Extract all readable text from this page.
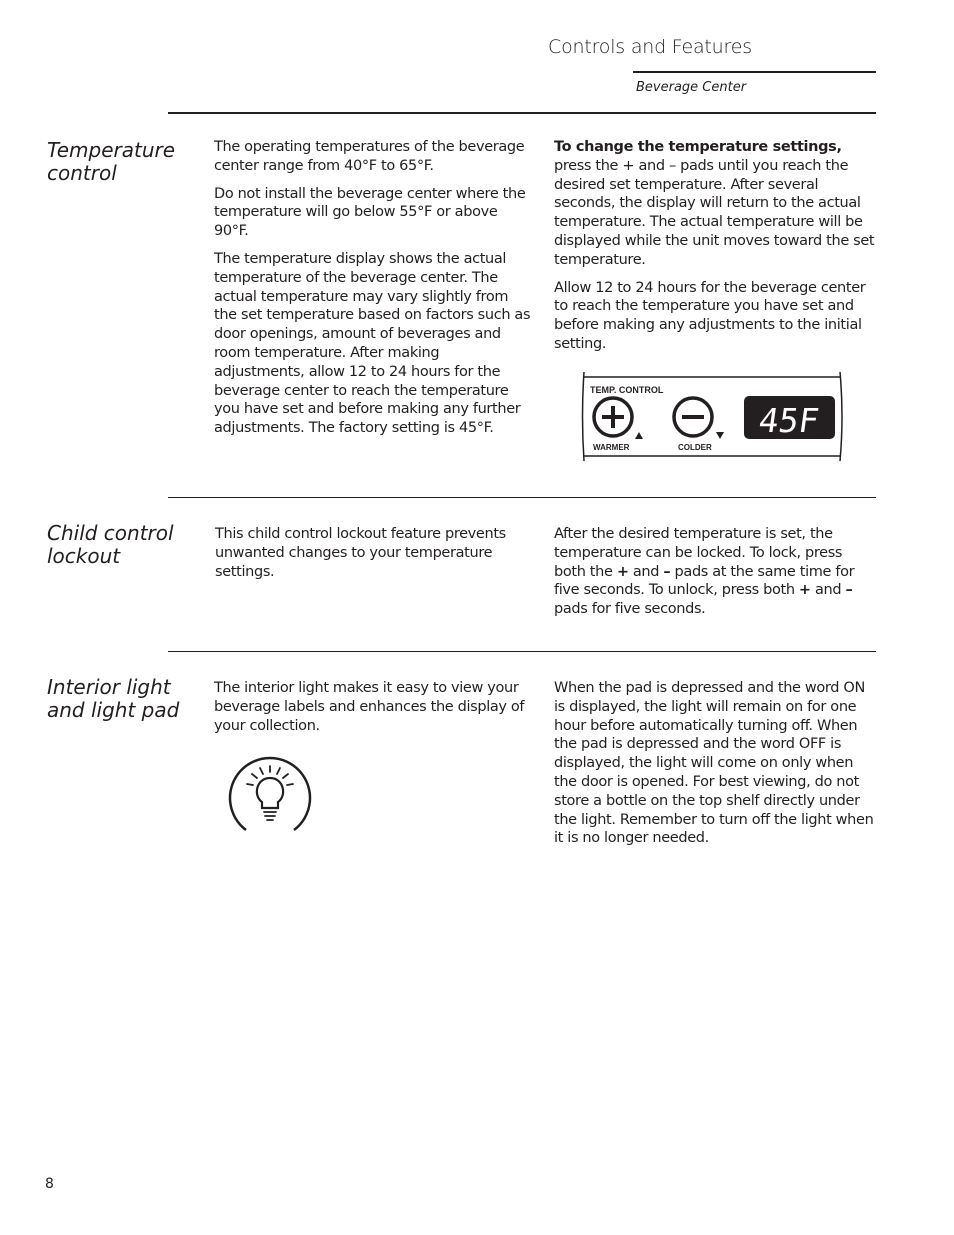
Controls and Features
Beverage Center
Temperature
control

The operating temperatures of the beverage center range from 40°F to 65°F.

Do not install the beverage center where the temperature will go below 55°F or above 90°F.

The temperature display shows the actual temperature of the beverage center. The actual temperature may vary slightly from the set temperature based on factors such as door openings, amount of beverages and room temperature. After making adjustments, allow 12 to 24 hours for the beverage center to reach the temperature you have set and before making any further adjustments. The factory setting is 45°F.

To change the temperature settings, press the + and – pads until you reach the desired set temperature. After several seconds, the display will return to the actual temperature. The actual temperature will be displayed while the unit moves toward the set temperature.

Allow 12 to 24 hours for the beverage center to reach the temperature you have set and before making any adjustments to the initial setting.

TEMP. CONTROL
WARMER	COLDER
45F
Child control
lockout

This child control lockout feature prevents unwanted changes to your temperature settings.

After the desired temperature is set, the temperature can be locked. To lock, press both the + and – pads at the same time for five seconds. To unlock, press both + and – pads for five seconds.

Interior light
and light pad

The interior light makes it easy to view your beverage labels and enhances the display of your collection.

When the pad is depressed and the word ON is displayed, the light will remain on for one hour before automatically turning off. When the pad is depressed and the word OFF is displayed, the light will come on only when the door is opened. For best viewing, do not store a bottle on the top shelf directly under the light. Remember to turn off the light when it is no longer needed.

8
